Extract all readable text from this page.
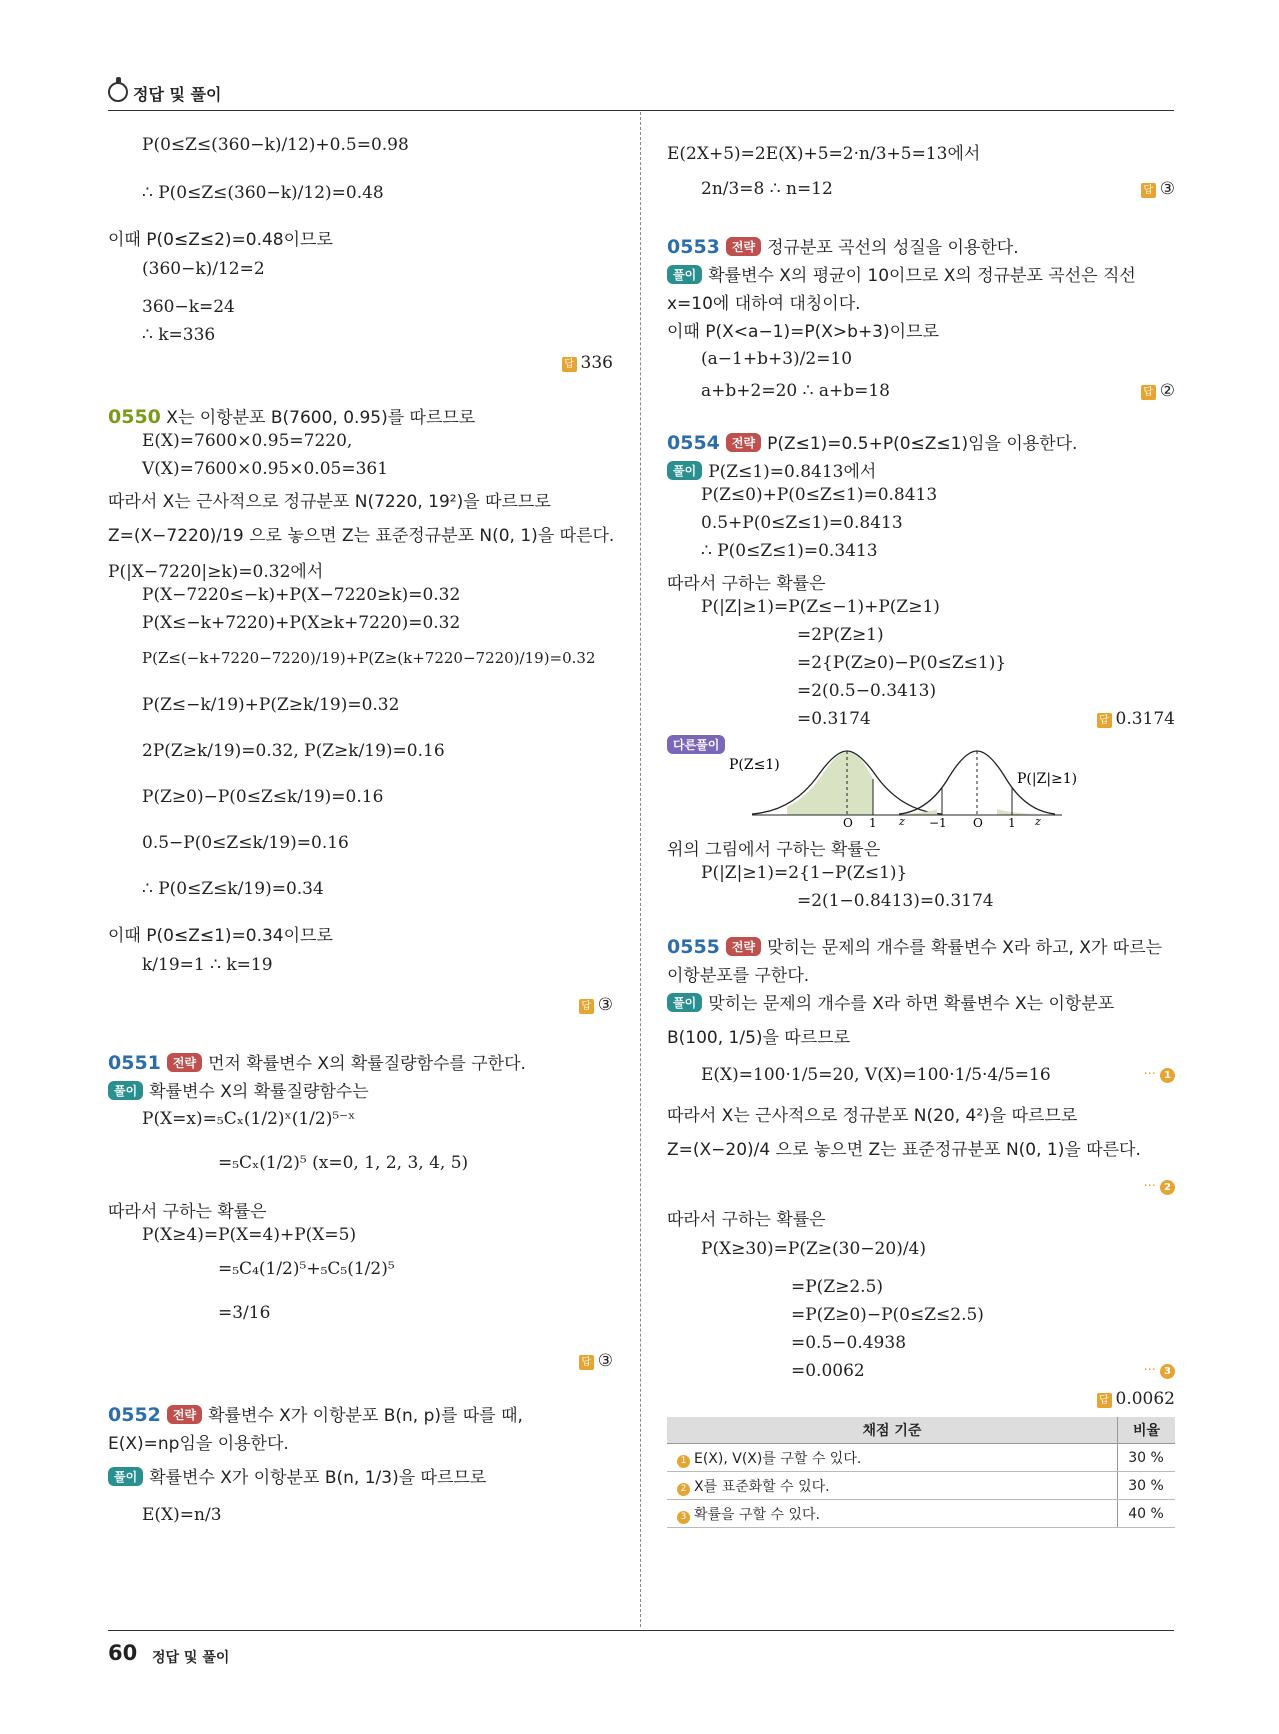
정답 및 풀이
P(0≤Z≤(360−k)/12)+0.5=0.98
∴ P(0≤Z≤(360−k)/12)=0.48
이때 P(0≤Z≤2)=0.48이므로
(360−k)/12=2
360−k=24
∴ k=336
답 336
0550 X는 이항분포 B(7600, 0.95)를 따르므로
E(X)=7600×0.95=7220,
V(X)=7600×0.95×0.05=361
따라서 X는 근사적으로 정규분포 N(7220, 19²)을 따르므로
Z=(X−7220)/19 으로 놓으면 Z는 표준정규분포 N(0, 1)을 따른다.
P(|X−7220|≥k)=0.32에서
P(X−7220≤−k)+P(X−7220≥k)=0.32
P(X≤−k+7220)+P(X≥k+7220)=0.32
P(Z≤(−k+7220−7220)/19)+P(Z≥(k+7220−7220)/19)=0.32
P(Z≤−k/19)+P(Z≥k/19)=0.32
2P(Z≥k/19)=0.32, P(Z≥k/19)=0.16
P(Z≥0)−P(0≤Z≤k/19)=0.16
0.5−P(0≤Z≤k/19)=0.16
∴ P(0≤Z≤k/19)=0.34
이때 P(0≤Z≤1)=0.34이므로
k/19=1 ∴ k=19
답 ③
0551 전략 먼저 확률변수 X의 확률질량함수를 구한다.
풀이 확률변수 X의 확률질량함수는
P(X=x)=₅Cₓ(1/2)ˣ(1/2)⁵⁻ˣ
=₅Cₓ(1/2)⁵ (x=0, 1, 2, 3, 4, 5)
따라서 구하는 확률은
P(X≥4)=P(X=4)+P(X=5)
=₅C₄(1/2)⁵+₅C₅(1/2)⁵
=3/16
답 ③
0552 전략 확률변수 X가 이항분포 B(n, p)를 따를 때,
E(X)=np임을 이용한다.
풀이 확률변수 X가 이항분포 B(n, 1/3)을 따르므로
E(X)=n/3
E(2X+5)=2E(X)+5=2·n/3+5=13에서
2n/3=8 ∴ n=12	답 ③
0553 전략 정규분포 곡선의 성질을 이용한다.
풀이 확률변수 X의 평균이 10이므로 X의 정규분포 곡선은 직선
x=10에 대하여 대칭이다.
이때 P(X<a−1)=P(X>b+3)이므로
(a−1+b+3)/2=10
a+b+2=20 ∴ a+b=18	답 ②
0554 전략 P(Z≤1)=0.5+P(0≤Z≤1)임을 이용한다.
풀이 P(Z≤1)=0.8413에서
P(Z≤0)+P(0≤Z≤1)=0.8413
0.5+P(0≤Z≤1)=0.8413
∴ P(0≤Z≤1)=0.3413
따라서 구하는 확률은
P(|Z|≥1)=P(Z≤−1)+P(Z≥1)
=2P(Z≥1)
=2{P(Z≥0)−P(0≤Z≤1)}
=2(0.5−0.3413)
=0.3174	답 0.3174
다른풀이
P(Z≤1)
O 1 z
P(|Z|≥1)
−1 O 1 z
위의 그림에서 구하는 확률은
P(|Z|≥1)=2{1−P(Z≤1)}
=2(1−0.8413)=0.3174
0555 전략 맞히는 문제의 개수를 확률변수 X라 하고, X가 따르는
이항분포를 구한다.
풀이 맞히는 문제의 개수를 X라 하면 확률변수 X는 이항분포
B(100, 1/5)을 따르므로
E(X)=100·1/5=20, V(X)=100·1/5·4/5=16	··· 1
따라서 X는 근사적으로 정규분포 N(20, 4²)을 따르므로
Z=(X−20)/4 으로 놓으면 Z는 표준정규분포 N(0, 1)을 따른다.
··· 2
따라서 구하는 확률은
P(X≥30)=P(Z≥(30−20)/4)
=P(Z≥2.5)
=P(Z≥0)−P(0≤Z≤2.5)
=0.5−0.4938
=0.0062	··· 3
답 0.0062
채점 기준	비율
1 E(X), V(X)를 구할 수 있다.	30 %
2 X를 표준화할 수 있다.	30 %
3 확률을 구할 수 있다.	40 %
60 정답 및 풀이
